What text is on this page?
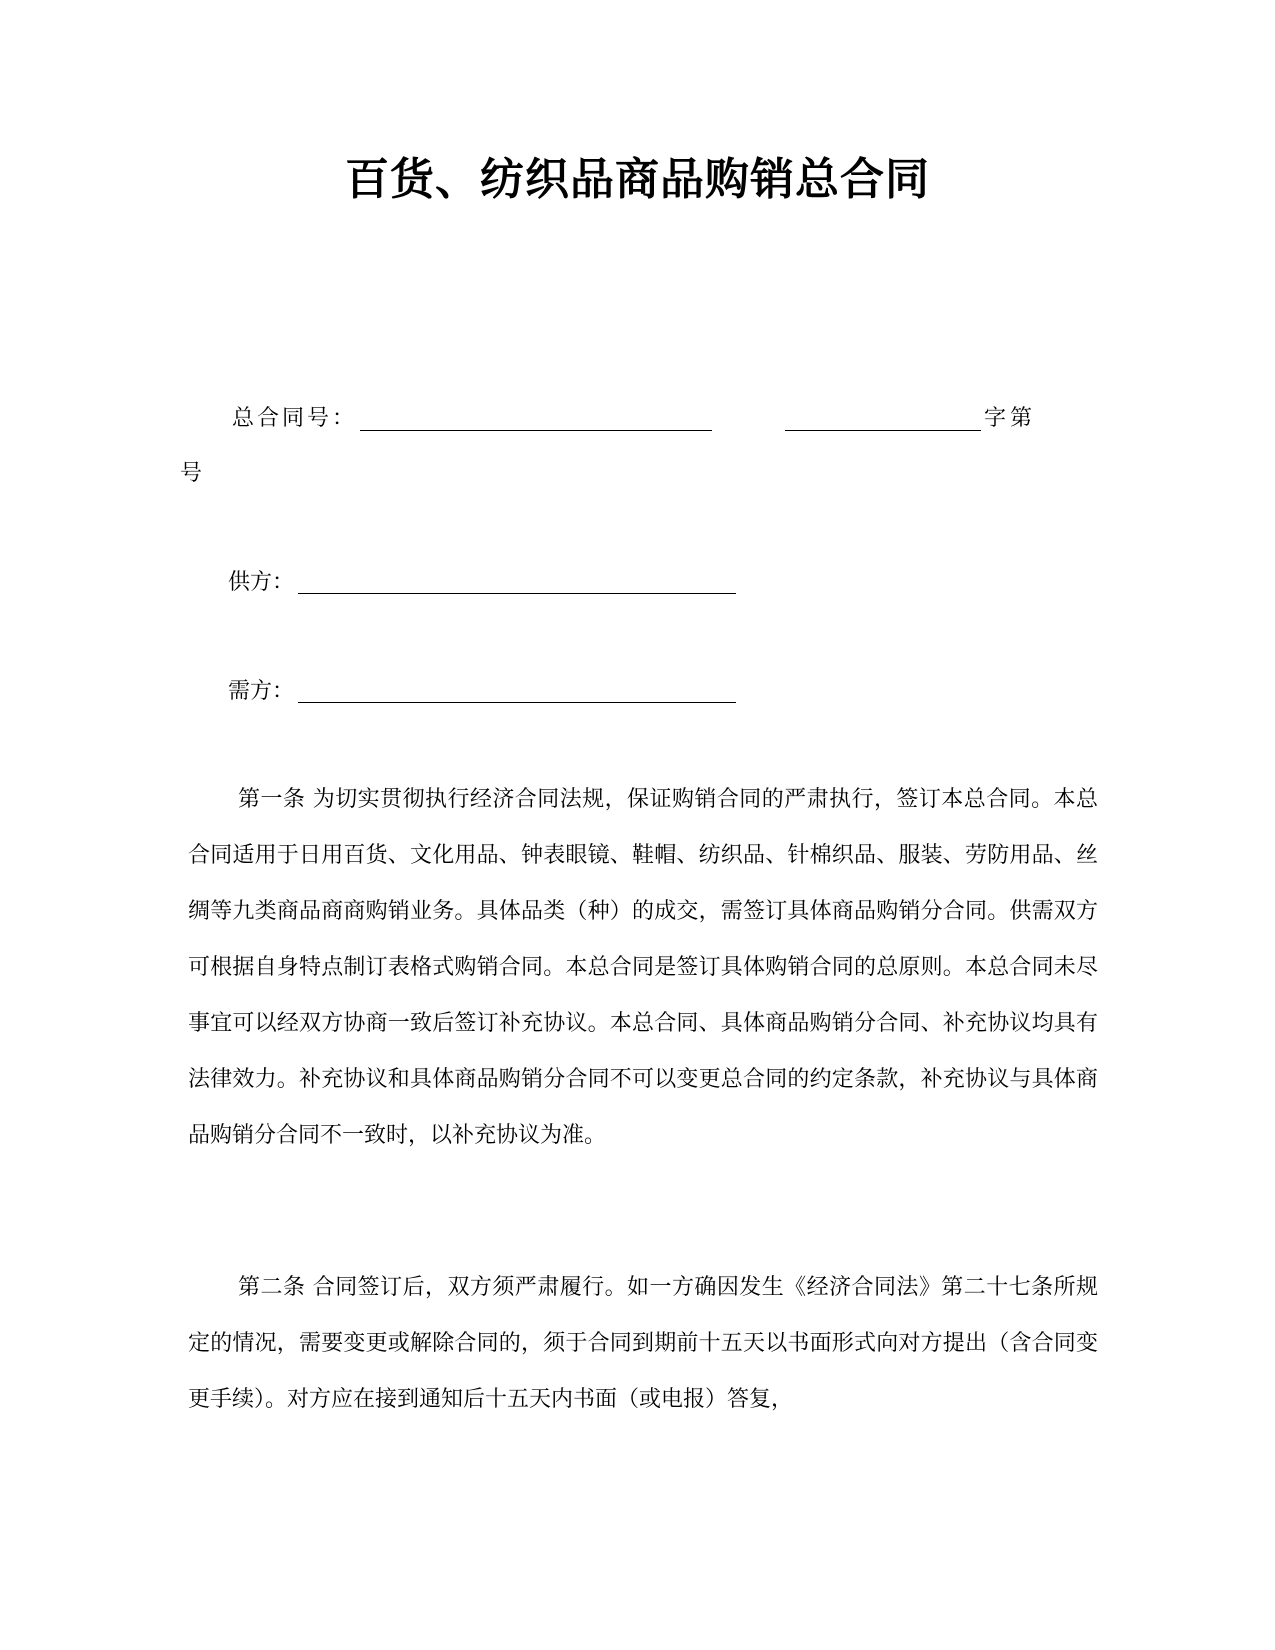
百货、纺织品商品购销总合同
总合同号：	字第
号
供方：
需方：

第一条 为切实贯彻执行经济合同法规，保证购销合同的严肃执行，签订本总合同。本总合同适用于日用百货、文化用品、钟表眼镜、鞋帽、纺织品、针棉织品、服装、劳防用品、丝绸等九类商品商商购销业务。具体品类（种）的成交，需签订具体商品购销分合同。供需双方可根据自身特点制订表格式购销合同。本总合同是签订具体购销合同的总原则。本总合同未尽事宜可以经双方协商一致后签订补充协议。本总合同、具体商品购销分合同、补充协议均具有法律效力。补充协议和具体商品购销分合同不可以变更总合同的约定条款，补充协议与具体商品购销分合同不一致时，以补充协议为准。

第二条 合同签订后，双方须严肃履行。如一方确因发生《经济合同法》第二十七条所规定的情况，需要变更或解除合同的，须于合同到期前十五天以书面形式向对方提出（含合同变更手续）。对方应在接到通知后十五天内书面（或电报）答复，
